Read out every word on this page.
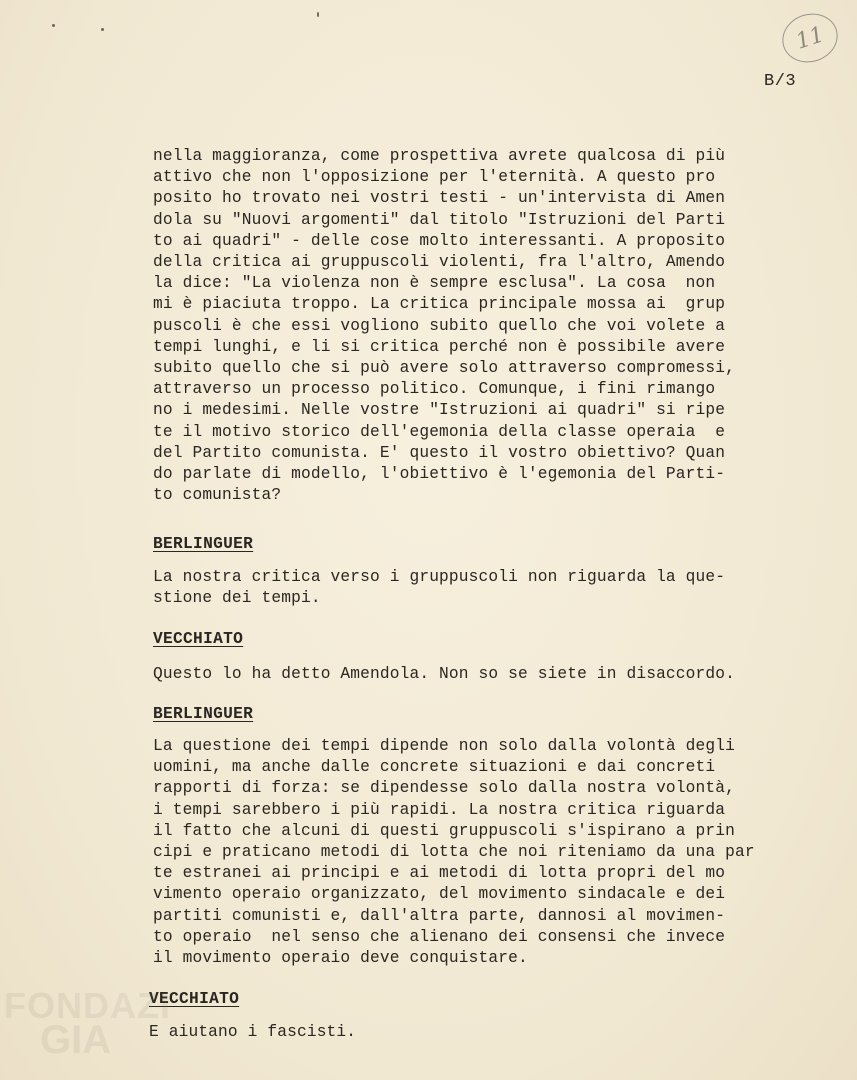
11
B/3
nella maggioranza, come prospettiva avrete qualcosa di più
attivo che non l'opposizione per l'eternità. A questo pro
posito ho trovato nei vostri testi - un'intervista di Amen
dola su "Nuovi argomenti" dal titolo "Istruzioni del Parti
to ai quadri" - delle cose molto interessanti. A proposito
della critica ai gruppuscoli violenti, fra l'altro, Amendo
la dice: "La violenza non è sempre esclusa". La cosa  non
mi è piaciuta troppo. La critica principale mossa ai  grup
puscoli è che essi vogliono subito quello che voi volete a
tempi lunghi, e li si critica perché non è possibile avere
subito quello che si può avere solo attraverso compromessi,
attraverso un processo politico. Comunque, i fini rimango
no i medesimi. Nelle vostre "Istruzioni ai quadri" si ripe
te il motivo storico dell'egemonia della classe operaia  e
del Partito comunista. E' questo il vostro obiettivo? Quan
do parlate di modello, l'obiettivo è l'egemonia del Parti-
to comunista?
BERLINGUER
La nostra critica verso i gruppuscoli non riguarda la que-
stione dei tempi.
VECCHIATO
Questo lo ha detto Amendola. Non so se siete in disaccordo.
BERLINGUER
La questione dei tempi dipende non solo dalla volontà degli
uomini, ma anche dalle concrete situazioni e dai concreti
rapporti di forza: se dipendesse solo dalla nostra volontà,
i tempi sarebbero i più rapidi. La nostra critica riguarda
il fatto che alcuni di questi gruppuscoli s'ispirano a prin
cipi e praticano metodi di lotta che noi riteniamo da una par
te estranei ai principi e ai metodi di lotta propri del mo
vimento operaio organizzato, del movimento sindacale e dei
partiti comunisti e, dall'altra parte, dannosi al movimen-
to operaio  nel senso che alienano dei consensi che invece
il movimento operaio deve conquistare.
VECCHIATO
E aiutano i fascisti.
FONDAZI
GIA
